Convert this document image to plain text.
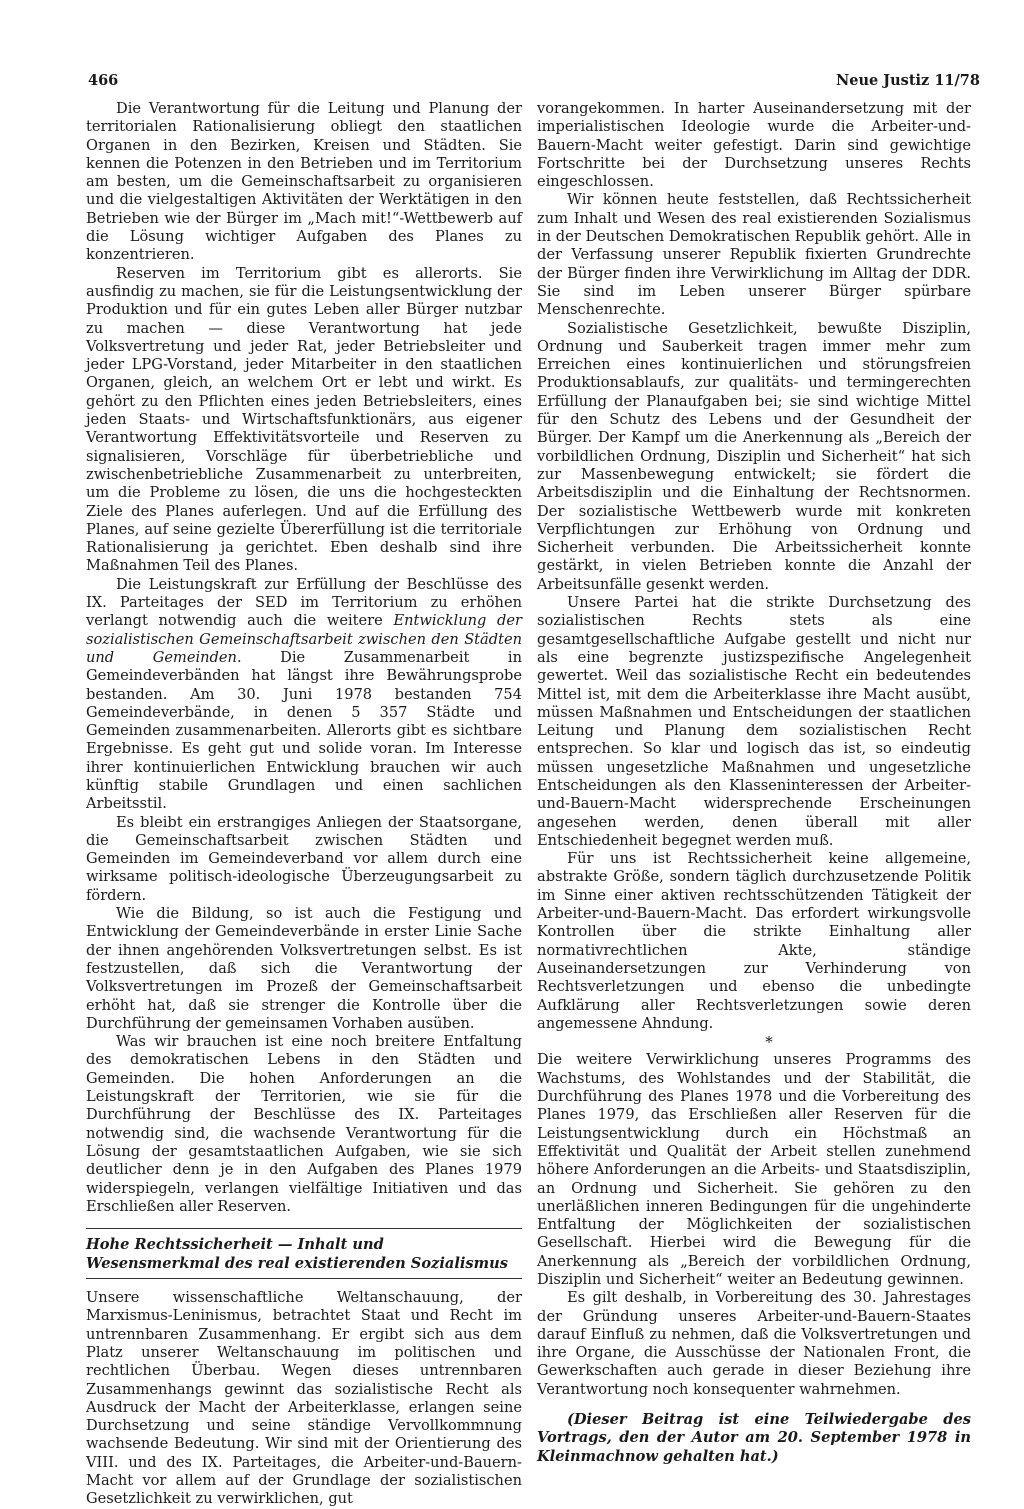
466	Neue Justiz 11/78

Die Verantwortung für die Leitung und Planung der territorialen Rationalisierung obliegt den staatlichen Organen in den Bezirken, Kreisen und Städten. Sie kennen die Potenzen in den Betrieben und im Territorium am besten, um die Gemeinschaftsarbeit zu organisieren und die vielgestaltigen Aktivitäten der Werktätigen in den Betrieben wie der Bürger im „Mach mit!“-Wettbewerb auf die Lösung wichtiger Aufgaben des Planes zu konzentrieren.

Reserven im Territorium gibt es allerorts. Sie ausfindig zu machen, sie für die Leistungsentwicklung der Produktion und für ein gutes Leben aller Bürger nutzbar zu machen — diese Verantwortung hat jede Volksvertretung und jeder Rat, jeder Betriebsleiter und jeder LPG-Vorstand, jeder Mitarbeiter in den staatlichen Organen, gleich, an welchem Ort er lebt und wirkt. Es gehört zu den Pflichten eines jeden Betriebsleiters, eines jeden Staats- und Wirtschaftsfunktionärs, aus eigener Verantwortung Effektivitätsvorteile und Reserven zu signalisieren, Vorschläge für überbetriebliche und zwischenbetriebliche Zusammenarbeit zu unterbreiten, um die Probleme zu lösen, die uns die hochgesteckten Ziele des Planes auferlegen. Und auf die Erfüllung des Planes, auf seine gezielte Übererfüllung ist die territoriale Rationalisierung ja gerichtet. Eben deshalb sind ihre Maßnahmen Teil des Planes.

Die Leistungskraft zur Erfüllung der Beschlüsse des IX. Parteitages der SED im Territorium zu erhöhen verlangt notwendig auch die weitere Entwicklung der sozialistischen Gemeinschaftsarbeit zwischen den Städten und Gemeinden. Die Zusammenarbeit in Gemeindeverbänden hat längst ihre Bewährungsprobe bestanden. Am 30. Juni 1978 bestanden 754 Gemeindeverbände, in denen 5 357 Städte und Gemeinden zusammenarbeiten. Allerorts gibt es sichtbare Ergebnisse. Es geht gut und solide voran. Im Interesse ihrer kontinuierlichen Entwicklung brauchen wir auch künftig stabile Grundlagen und einen sachlichen Arbeitsstil.

Es bleibt ein erstrangiges Anliegen der Staatsorgane, die Gemeinschaftsarbeit zwischen Städten und Gemeinden im Gemeindeverband vor allem durch eine wirksame politisch-ideologische Überzeugungsarbeit zu fördern.

Wie die Bildung, so ist auch die Festigung und Entwicklung der Gemeindeverbände in erster Linie Sache der ihnen angehörenden Volksvertretungen selbst. Es ist festzustellen, daß sich die Verantwortung der Volksvertretungen im Prozeß der Gemeinschaftsarbeit erhöht hat, daß sie strenger die Kontrolle über die Durchführung der gemeinsamen Vorhaben ausüben.

Was wir brauchen ist eine noch breitere Entfaltung des demokratischen Lebens in den Städten und Gemeinden. Die hohen Anforderungen an die Leistungskraft der Territorien, wie sie für die Durchführung der Beschlüsse des IX. Parteitages notwendig sind, die wachsende Verantwortung für die Lösung der gesamtstaatlichen Aufgaben, wie sie sich deutlicher denn je in den Aufgaben des Planes 1979 widerspiegeln, verlangen vielfältige Initiativen und das Erschließen aller Reserven.

Hohe Rechtssicherheit — Inhalt und Wesensmerkmal des real existierenden Sozialismus

Unsere wissenschaftliche Weltanschauung, der Marxismus-Leninismus, betrachtet Staat und Recht im untrennbaren Zusammenhang. Er ergibt sich aus dem Platz unserer Weltanschauung im politischen und rechtlichen Überbau. Wegen dieses untrennbaren Zusammenhangs gewinnt das sozialistische Recht als Ausdruck der Macht der Arbeiterklasse, erlangen seine Durchsetzung und seine ständige Vervollkommnung wachsende Bedeutung. Wir sind mit der Orientierung des VIII. und des IX. Parteitages, die Arbeiter-und-Bauern-Macht vor allem auf der Grundlage der sozialistischen Gesetzlichkeit zu verwirklichen, gut

vorangekommen. In harter Auseinandersetzung mit der imperialistischen Ideologie wurde die Arbeiter-und-Bauern-Macht weiter gefestigt. Darin sind gewichtige Fortschritte bei der Durchsetzung unseres Rechts eingeschlossen.

Wir können heute feststellen, daß Rechtssicherheit zum Inhalt und Wesen des real existierenden Sozialismus in der Deutschen Demokratischen Republik gehört. Alle in der Verfassung unserer Republik fixierten Grundrechte der Bürger finden ihre Verwirklichung im Alltag der DDR. Sie sind im Leben unserer Bürger spürbare Menschenrechte.

Sozialistische Gesetzlichkeit, bewußte Disziplin, Ordnung und Sauberkeit tragen immer mehr zum Erreichen eines kontinuierlichen und störungsfreien Produktionsablaufs, zur qualitäts- und termingerechten Erfüllung der Planaufgaben bei; sie sind wichtige Mittel für den Schutz des Lebens und der Gesundheit der Bürger. Der Kampf um die Anerkennung als „Bereich der vorbildlichen Ordnung, Disziplin und Sicherheit“ hat sich zur Massenbewegung entwickelt; sie fördert die Arbeitsdisziplin und die Einhaltung der Rechtsnormen. Der sozialistische Wettbewerb wurde mit konkreten Verpflichtungen zur Erhöhung von Ordnung und Sicherheit verbunden. Die Arbeitssicherheit konnte gestärkt, in vielen Betrieben konnte die Anzahl der Arbeitsunfälle gesenkt werden.

Unsere Partei hat die strikte Durchsetzung des sozialistischen Rechts stets als eine gesamtgesellschaftliche Aufgabe gestellt und nicht nur als eine begrenzte justizspezifische Angelegenheit gewertet. Weil das sozialistische Recht ein bedeutendes Mittel ist, mit dem die Arbeiterklasse ihre Macht ausübt, müssen Maßnahmen und Entscheidungen der staatlichen Leitung und Planung dem sozialistischen Recht entsprechen. So klar und logisch das ist, so eindeutig müssen ungesetzliche Maßnahmen und ungesetzliche Entscheidungen als den Klasseninteressen der Arbeiter-und-Bauern-Macht widersprechende Erscheinungen angesehen werden, denen überall mit aller Entschiedenheit begegnet werden muß.

Für uns ist Rechtssicherheit keine allgemeine, abstrakte Größe, sondern täglich durchzusetzende Politik im Sinne einer aktiven rechtsschützenden Tätigkeit der Arbeiter-und-Bauern-Macht. Das erfordert wirkungsvolle Kontrollen über die strikte Einhaltung aller normativrechtlichen Akte, ständige Auseinandersetzungen zur Verhinderung von Rechtsverletzungen und ebenso die unbedingte Aufklärung aller Rechtsverletzungen sowie deren angemessene Ahndung.

*

Die weitere Verwirklichung unseres Programms des Wachstums, des Wohlstandes und der Stabilität, die Durchführung des Planes 1978 und die Vorbereitung des Planes 1979, das Erschließen aller Reserven für die Leistungsentwicklung durch ein Höchstmaß an Effektivität und Qualität der Arbeit stellen zunehmend höhere Anforderungen an die Arbeits- und Staatsdisziplin, an Ordnung und Sicherheit. Sie gehören zu den unerläßlichen inneren Bedingungen für die ungehinderte Entfaltung der Möglichkeiten der sozialistischen Gesellschaft. Hierbei wird die Bewegung für die Anerkennung als „Bereich der vorbildlichen Ordnung, Disziplin und Sicherheit“ weiter an Bedeutung gewinnen.

Es gilt deshalb, in Vorbereitung des 30. Jahrestages der Gründung unseres Arbeiter-und-Bauern-Staates darauf Einfluß zu nehmen, daß die Volksvertretungen und ihre Organe, die Ausschüsse der Nationalen Front, die Gewerkschaften auch gerade in dieser Beziehung ihre Verantwortung noch konsequenter wahrnehmen.

(Dieser Beitrag ist eine Teilwiedergabe des Vortrags, den der Autor am 20. September 1978 in Kleinmachnow gehalten hat.)
